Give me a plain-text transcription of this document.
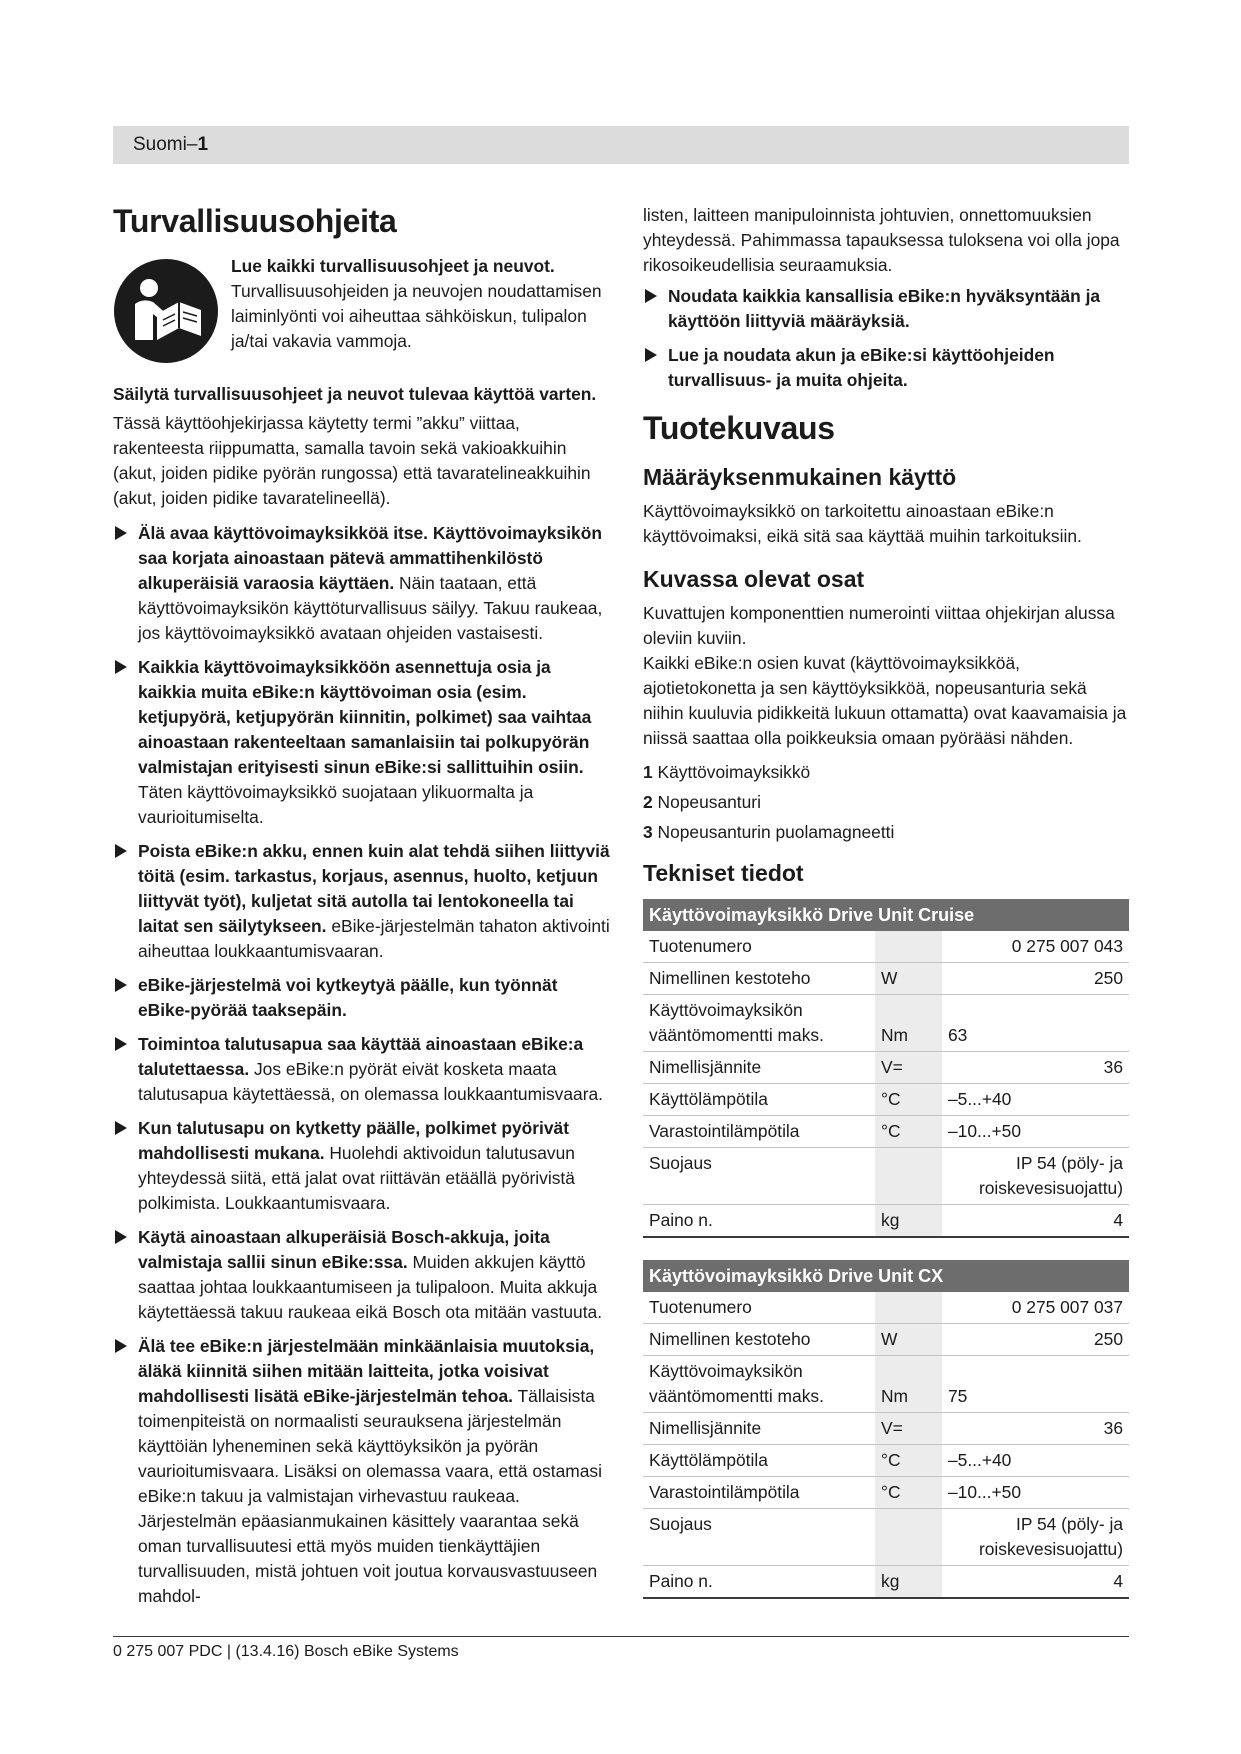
Suomi–1
Turvallisuusohjeita
Lue kaikki turvallisuusohjeet ja neuvot. Turvallisuusohjeiden ja neuvojen noudattamisen laiminlyönti voi aiheuttaa sähköiskun, tulipalon ja/tai vakavia vammoja.

Säilytä turvallisuusohjeet ja neuvot tulevaa käyttöä varten.

Tässä käyttöohjekirjassa käytetty termi ”akku” viittaa, rakenteesta riippumatta, samalla tavoin sekä vakioakkuihin (akut, joiden pidike pyörän rungossa) että tavaratelineakkuihin (akut, joiden pidike tavaratelineellä).

Älä avaa käyttövoimayksikköä itse. Käyttövoimayksikön saa korjata ainoastaan pätevä ammattihenkilöstö alkuperäisiä varaosia käyttäen. Näin taataan, että käyttövoimayksikön käyttöturvallisuus säilyy. Takuu raukeaa, jos käyttövoimayksikkö avataan ohjeiden vastaisesti.
Kaikkia käyttövoimayksikköön asennettuja osia ja kaikkia muita eBike:n käyttövoiman osia (esim. ketjupyörä, ketjupyörän kiinnitin, polkimet) saa vaihtaa ainoastaan rakenteeltaan samanlaisiin tai polkupyörän valmistajan erityisesti sinun eBike:si sallittuihin osiin. Täten käyttövoimayksikkö suojataan ylikuormalta ja vaurioitumiselta.
Poista eBike:n akku, ennen kuin alat tehdä siihen liittyviä töitä (esim. tarkastus, korjaus, asennus, huolto, ketjuun liittyvät työt), kuljetat sitä autolla tai lentokoneella tai laitat sen säilytykseen. eBike-järjestelmän tahaton aktivointi aiheuttaa loukkaantumisvaaran.
eBike-järjestelmä voi kytkeytyä päälle, kun työnnät eBike-pyörää taaksepäin.
Toimintoa talutusapua saa käyttää ainoastaan eBike:a talutettaessa. Jos eBike:n pyörät eivät kosketa maata talutusapua käytettäessä, on olemassa loukkaantumisvaara.
Kun talutusapu on kytketty päälle, polkimet pyörivät mahdollisesti mukana. Huolehdi aktivoidun talutusavun yhteydessä siitä, että jalat ovat riittävän etäällä pyörivistä polkimista. Loukkaantumisvaara.
Käytä ainoastaan alkuperäisiä Bosch-akkuja, joita valmistaja sallii sinun eBike:ssa. Muiden akkujen käyttö saattaa johtaa loukkaantumiseen ja tulipaloon. Muita akkuja käytettäessä takuu raukeaa eikä Bosch ota mitään vastuuta.
Älä tee eBike:n järjestelmään minkäänlaisia muutoksia, äläkä kiinnitä siihen mitään laitteita, jotka voisivat mahdollisesti lisätä eBike-järjestelmän tehoa. Tällaisista toimenpiteistä on normaalisti seurauksena järjestelmän käyttöiän lyheneminen sekä käyttöyksikön ja pyörän vaurioitumisvaara. Lisäksi on olemassa vaara, että ostamasi eBike:n takuu ja valmistajan virhevastuu raukeaa. Järjestelmän epäasianmukainen käsittely vaarantaa sekä oman turvallisuutesi että myös muiden tienkäyttäjien turvallisuuden, mistä johtuen voit joutua korvausvastuuseen mahdol-

listen, laitteen manipuloinnista johtuvien, onnettomuuksien yhteydessä. Pahimmassa tapauksessa tuloksena voi olla jopa rikosoikeudellisia seuraamuksia.

Noudata kaikkia kansallisia eBike:n hyväksyntään ja käyttöön liittyviä määräyksiä.
Lue ja noudata akun ja eBike:si käyttöohjeiden turvallisuus- ja muita ohjeita.
Tuotekuvaus
Määräyksenmukainen käyttö

Käyttövoimayksikkö on tarkoitettu ainoastaan eBike:n käyttövoimaksi, eikä sitä saa käyttää muihin tarkoituksiin.

Kuvassa olevat osat

Kuvattujen komponenttien numerointi viittaa ohjekirjan alussa oleviin kuviin.

Kaikki eBike:n osien kuvat (käyttövoimayksikköä, ajotietokonetta ja sen käyttöyksikköä, nopeusanturia sekä niihin kuuluvia pidikkeitä lukuun ottamatta) ovat kaavamaisia ja niissä saattaa olla poikkeuksia omaan pyörääsi nähden.

1 Käyttövoimayksikkö
2 Nopeusanturi
3 Nopeusanturin puolamagneetti
Tekniset tiedot
Käyttövoimayksikkö Drive Unit Cruise		
Tuotenumero		0 275 007 043
Nimellinen kestoteho	W	250
Käyttövoimayksikön vääntömomentti maks.	Nm	63
Nimellisjännite	V=	36
Käyttölämpötila	°C	–5...+40
Varastointilämpötila	°C	–10...+50
Suojaus		IP 54 (pöly- ja roiskevesisuojattu)
Paino n.	kg	4
Käyttövoimayksikkö Drive Unit CX		
Tuotenumero		0 275 007 037
Nimellinen kestoteho	W	250
Käyttövoimayksikön vääntömomentti maks.	Nm	75
Nimellisjännite	V=	36
Käyttölämpötila	°C	–5...+40
Varastointilämpötila	°C	–10...+50
Suojaus		IP 54 (pöly- ja roiskevesisuojattu)
Paino n.	kg	4
0 275 007 PDC | (13.4.16) Bosch eBike Systems
